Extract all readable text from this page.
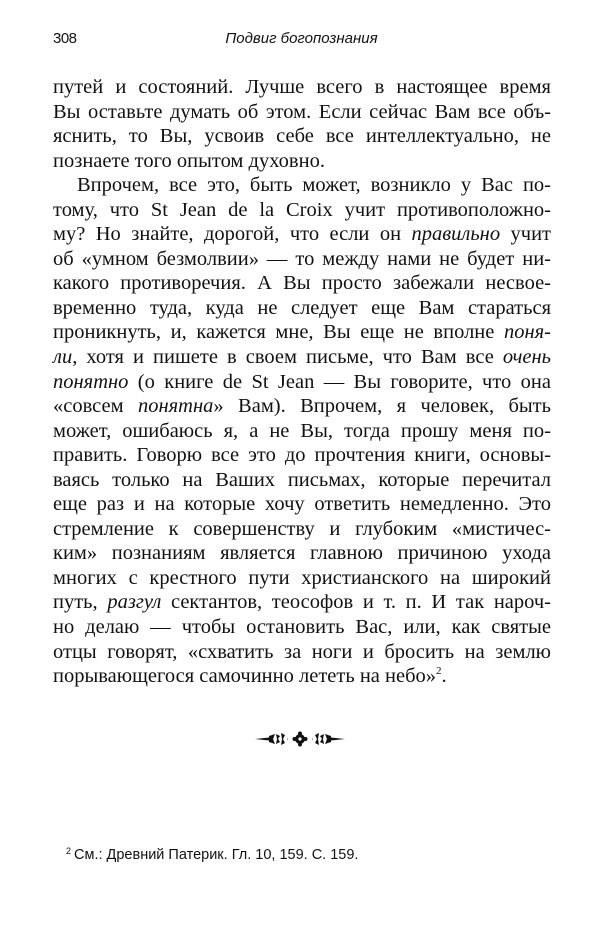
308	Подвиг богопознания
путей и состояний. Лучше всего в настоящее время
Вы оставьте думать об этом. Если сейчас Вам все объ-
яснить, то Вы, усвоив себе все интеллектуально, не
познаете того опытом духовно.
Впрочем, все это, быть может, возникло у Вас по-
тому, что St Jean de la Croix учит противоположно-
му? Но знайте, дорогой, что если он правильно учит
об «умном безмолвии» — то между нами не будет ни-
какого противоречия. А Вы просто забежали несвое-
временно туда, куда не следует еще Вам стараться
проникнуть, и, кажется мне, Вы еще не вполне поня-
ли, хотя и пишете в своем письме, что Вам все очень
понятно (о книге de St Jean — Вы говорите, что она
«совсем понятна» Вам). Впрочем, я человек, быть
может, ошибаюсь я, а не Вы, тогда прошу меня по-
править. Говорю все это до прочтения книги, основы-
ваясь только на Ваших письмах, которые перечитал
еще раз и на которые хочу ответить немедленно. Это
стремление к совершенству и глубоким «мистичес-
ким» познаниям является главною причиною ухода
многих с крестного пути христианского на широкий
путь, разгул сектантов, теософов и т. п. И так нароч-
но делаю — чтобы остановить Вас, или, как святые
отцы говорят, «схватить за ноги и бросить на землю
порывающегося самочинно лететь на небо»$^2$.
$^2$ См.: Древний Патерик. Гл. 10, 159. С. 159.
